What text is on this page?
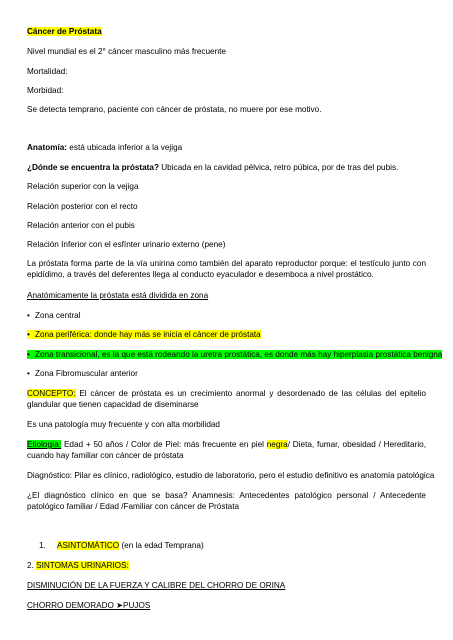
Cáncer de Próstata
Nivel mundial es el 2° cáncer masculino más frecuente
Mortalidad:
Morbidad:
Se detecta temprano, paciente con cáncer de próstata, no muere por ese motivo.
Anatomía: está ubicada inferior a la vejiga
¿Dónde se encuentra la próstata? Ubicada en la cavidad pélvica, retro púbica, por de tras del pubis.
Relación superior con la vejiga
Relación posterior con el recto
Relación anterior con el pubis
Relación Inferior con el esfínter urinario externo (pene)
La próstata forma parte de la vía unirina como también del aparato reproductor porque: el testículo junto con epidídimo, a través del deferentes llega al conducto eyaculador e desemboca a nivel prostático.
Anatómicamente la próstata está dividida en zona
• Zona central
• Zona periférica: donde hay más se inicia el cáncer de próstata
• Zona transicional, es la que está rodeando la uretra prostática, es donde más hay hiperplasia prostática benigna
• Zona Fibromuscular anterior
CONCEPTO: El cáncer de próstata es un crecimiento anormal y desordenado de las células del epitelio glandular que tienen capacidad de diseminarse
Es una patología muy frecuente y con alta morbilidad
Etiología: Edad + 50 años / Color de Piel: más frecuente en piel negra/ Dieta, fumar, obesidad / Hereditario, cuando hay familiar con cáncer de próstata
Diagnóstico: Pilar es clínico, radiológico, estudio de laboratorio, pero el estudio definitivo es anatomía patológica
¿El diagnóstico clínico en que se basa? Anamnesis: Antecedentes patológico personal / Antecedente patológico familiar / Edad /Familiar con cáncer de Próstata
1. ASINTOMÁTICO (en la edad Temprana)
2. SINTOMAS URINARIOS:
DISMINUCIÓN DE LA FUERZA Y CALIBRE DEL CHORRO DE ORINA
CHORRO DEMORADO ➤PUJOS
